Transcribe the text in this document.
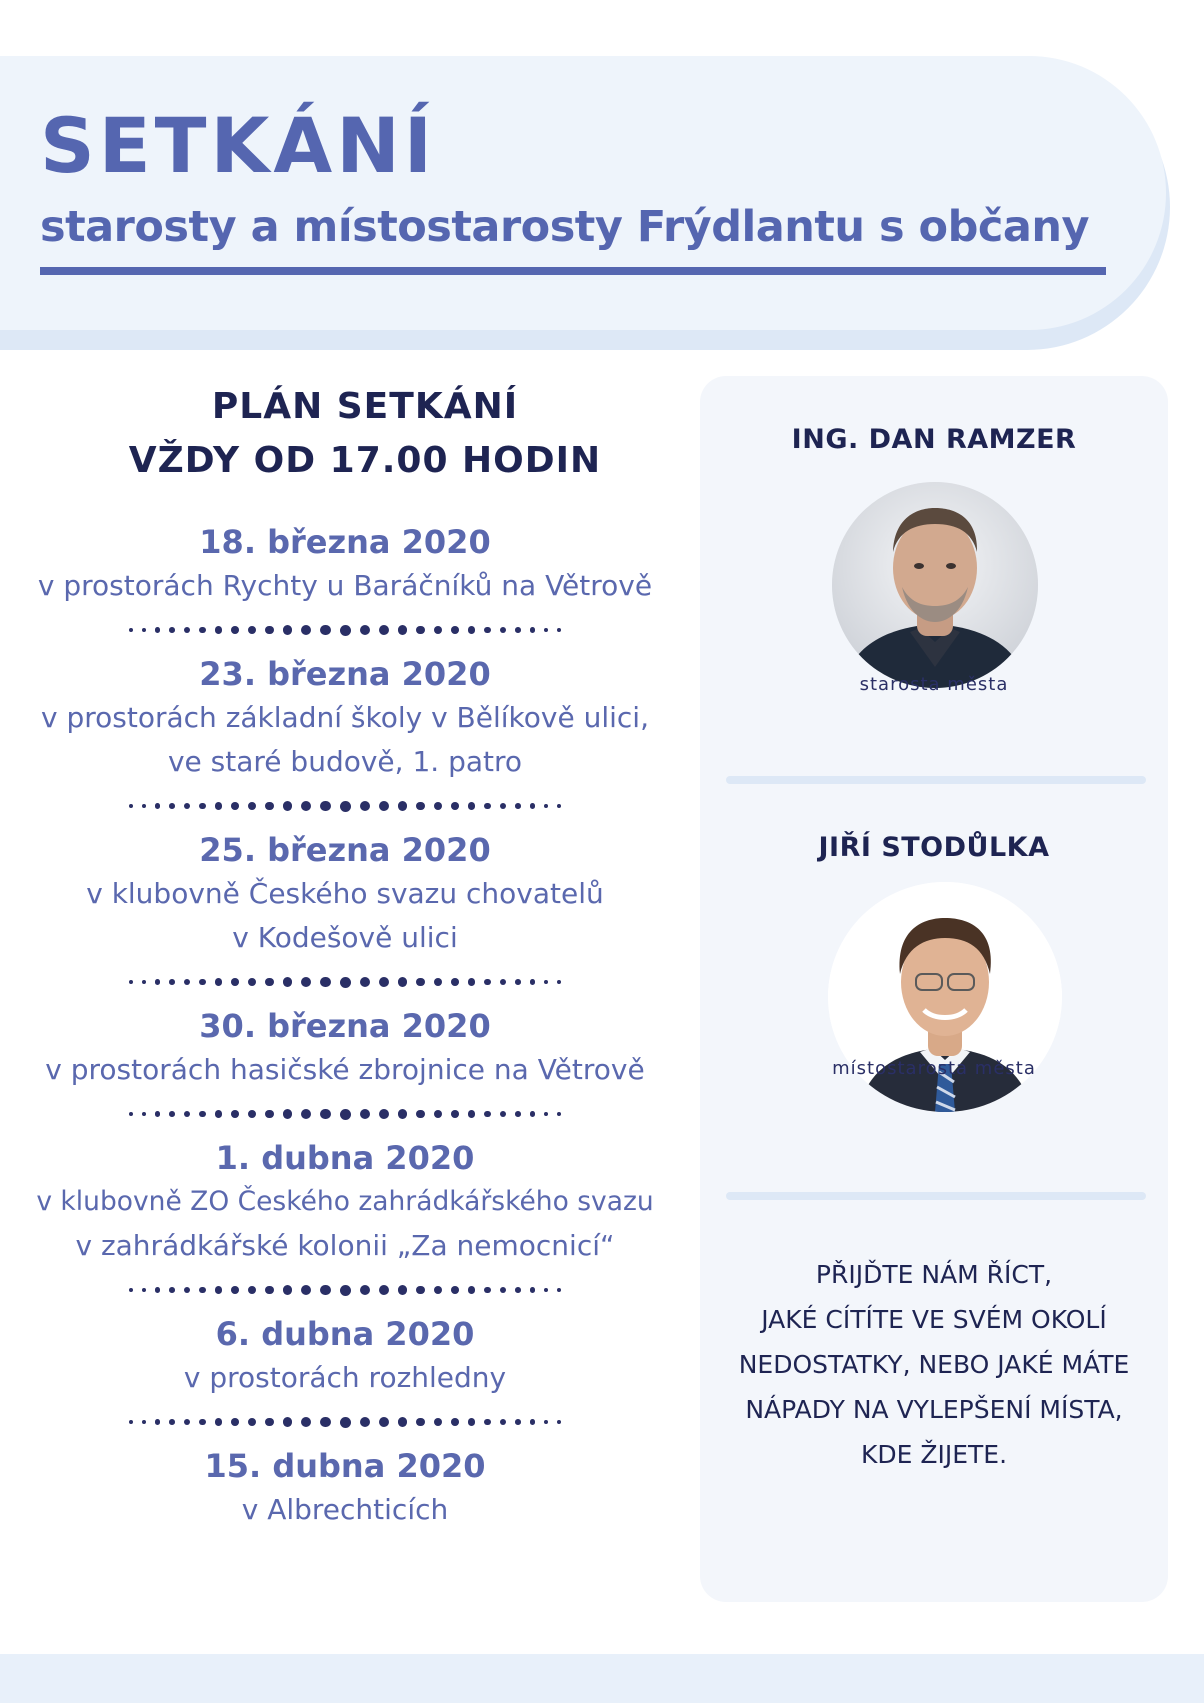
SETKÁNÍ
starosty a místostarosty Frýdlantu s občany
PLÁN SETKÁNÍ
VŽDY OD 17.00 HODIN
18. března 2020
v prostorách Rychty u Baráčníků na Větrově
23. března 2020
v prostorách základní školy v Bělíkově ulici,
ve staré budově, 1. patro
25. března 2020
v klubovně Českého svazu chovatelů
v Kodešově ulici
30. března 2020
v prostorách hasičské zbrojnice na Větrově
1. dubna 2020
v klubovně ZO Českého zahrádkářského svazu
v zahrádkářské kolonii „Za nemocnicí“
6. dubna 2020
v prostorách rozhledny
15. dubna 2020
v Albrechticích
ING. DAN RAMZER
starosta města
JIŘÍ STODŮLKA
místostarosta města
PŘIJĎTE NÁM ŘÍCT,
JAKÉ CÍTÍTE VE SVÉM OKOLÍ
NEDOSTATKY, NEBO JAKÉ MÁTE
NÁPADY NA VYLEPŠENÍ MÍSTA,
KDE ŽIJETE.
